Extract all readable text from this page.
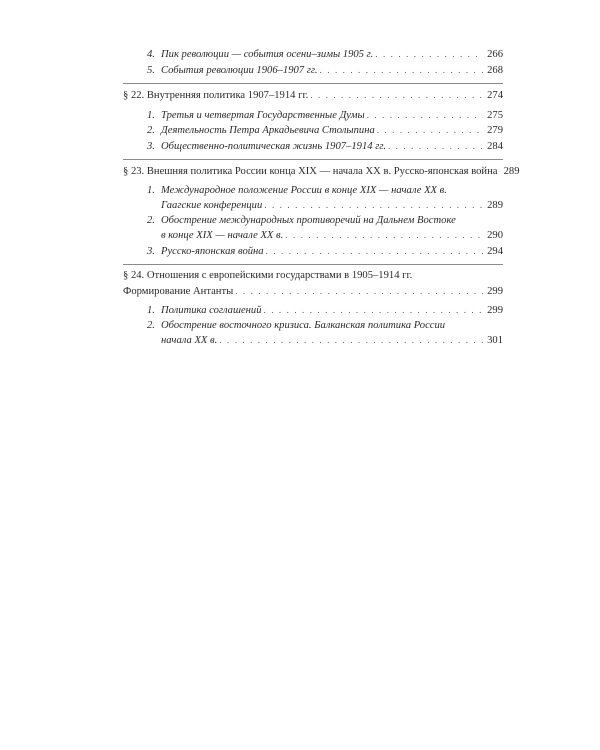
4. Пик революции — события осени–зимы 1905 г. . . .	266
5. События революции 1906–1907 гг. . . .	268
§ 22. Внутренняя политика 1907–1914 гг. . . .	274
1. Третья и четвертая Государственные Думы . . .	275
2. Деятельность Петра Аркадьевича Столыпина . . .	279
3. Общественно-политическая жизнь 1907–1914 гг. . . .	284
§ 23. Внешняя политика России конца XIX — начала XX в. Русско-японская война 289
1. Международное положение России в конце XIX — начале XX в.
Гаагские конференции . . .	289
2. Обострение международных противоречий на Дальнем Востоке
в конце XIX — начале XX в. . . .	290
3. Русско-японская война . . .	294
§ 24. Отношения с европейскими государствами в 1905–1914 гг.
Формирование Антанты . . .	299
1. Политика соглашений . . .	299
2. Обострение восточного кризиса. Балканская политика России
начала XX в. . . .	301
